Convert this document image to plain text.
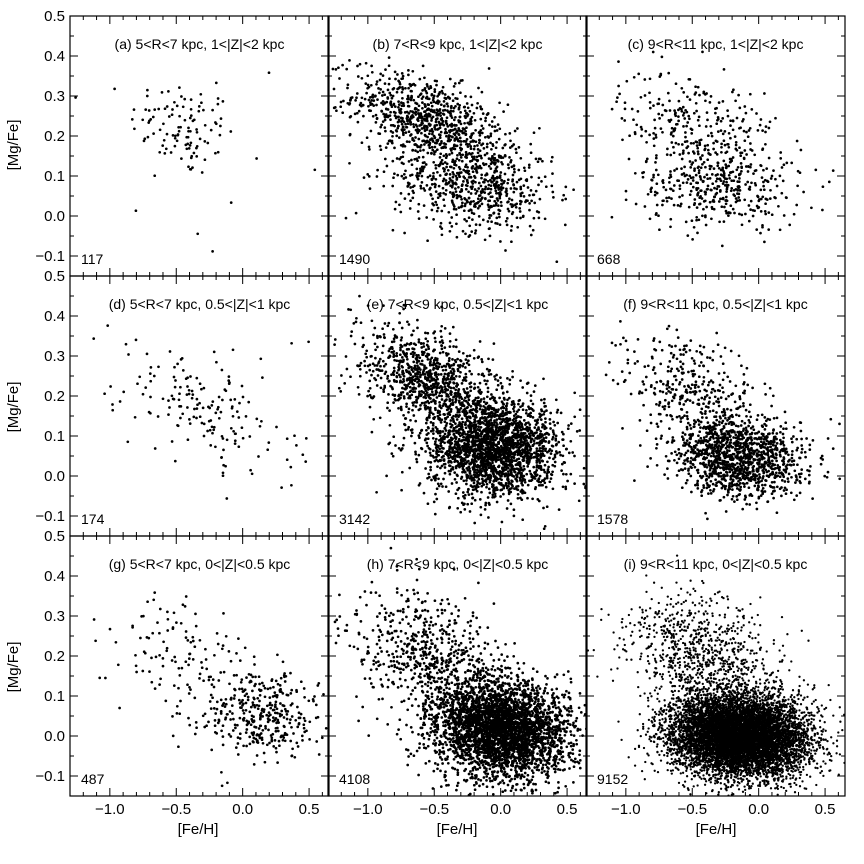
[Mg/Fe]
[Mg/Fe]
[Mg/Fe]
[Fe/H]	[Fe/H]	[Fe/H]
−0.1
0.0
0.1
0.2
0.3
0.4
0.5
(a) 5<R<7 kpc, 1<|Z|<2 kpc
117
(b) 7<R<9 kpc, 1<|Z|<2 kpc
1490
(c) 9<R<11 kpc, 1<|Z|<2 kpc
668
−0.1
0.0
0.1
0.2
0.3
0.4
0.5
(d) 5<R<7 kpc, 0.5<|Z|<1 kpc
174
(e) 7<R<9 kpc, 0.5<|Z|<1 kpc
3142
(f) 9<R<11 kpc, 0.5<|Z|<1 kpc
1578
−1.0 −0.5	0.0	0.5
−0.1
0.0
0.1
0.2
0.3
0.4
0.5
(g) 5<R<7 kpc, 0<|Z|<0.5 kpc
487
−1.0 −0.5	0.0	0.5
(h) 7<R<9 kpc, 0<|Z|<0.5 kpc
4108
−1.0 −0.5	0.0	0.5
(i) 9<R<11 kpc, 0<|Z|<0.5 kpc
9152
